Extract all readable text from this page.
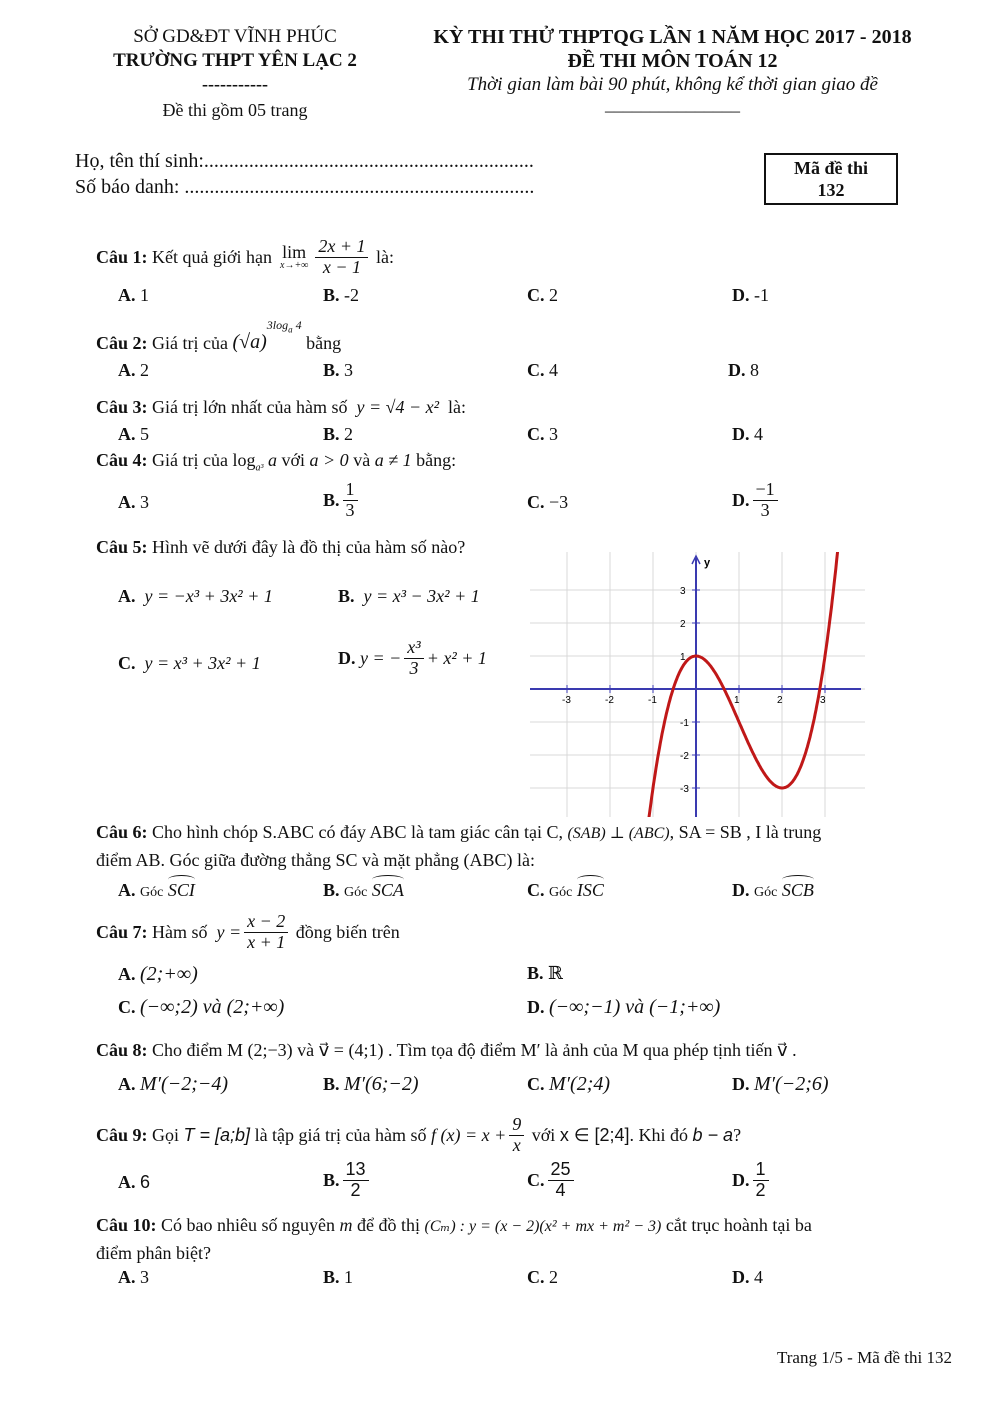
SỞ GD&ĐT VĨNH PHÚC
TRƯỜNG THPT YÊN LẠC 2
-----------
Đề thi gồm 05 trang
KỲ THI THỬ THPTQG LẦN 1 NĂM HỌC 2017 - 2018
ĐỀ THI MÔN TOÁN 12
Thời gian làm bài 90 phút, không kể thời gian giao đề
_______________
Họ, tên thí sinh:..................................................................
Số báo danh: ......................................................................
Mã đề thi
132
Câu 1:
Kết quả giới hạn lim
$x\to+\infty \frac{2x + 1}{x - 1}$
là:
A. 1	B. -2	C. 2	D. -1
Câu 2:
Giá trị của
(√a)
$3\log_a$ 4

bằng
A. 2	B. 3	C. 4	D. 8
Câu 3: Giá trị lớn nhất của hàm số y = √4 − x² là:
A. 5	B. 2	C. 3	D. 4
Câu 4: Giá trị của $\log_{a^3} a$ với a > 0 và a ≠ 1 bằng:
A. 3	B. $\frac{1}{3}$	C. −3	D. $\frac{-1}{3}$
Câu 5: Hình vẽ dưới đây là đồ thị của hàm số nào?
A. y = −x³ + 3x² + 1	B. y = x³ − 3x² + 1
C. y = x³ + 3x² + 1	D.
y = − $\frac{\text{x³}}{3} + x^2 + 1$
y
-3	-2	-1	1	2	3
3
2
1
-1
-2
-3
Câu 6: Cho hình chóp S.ABC có đáy ABC là tam giác cân tại C, (SAB) ⊥ (ABC), SA = SB , I là trung
điểm AB. Góc giữa đường thẳng SC và mặt phẳng (ABC) là:
A. Góc SCI	B. Góc SCA	C. Góc ISC	D. Góc SCB
Câu 7:
Hàm số
$y = \frac{x - 2}{x + 1}$
đồng biến trên
A. (2;+∞)	B. ℝ
C. (−∞;2) và (2;+∞)	D. (−∞;−1) và (−1;+∞)
Câu 8: Cho điểm M (2;−3) và v⃗ = (4;1) . Tìm tọa độ điểm M′ là ảnh của M qua phép tịnh tiến v⃗ .
A. M′(−2;−4)	B. M′(6;−2)	C. M′(2;4)	D. M′(−2;6)
Câu 9:
Gọi
T = [a;b]
là tập giá trị của hàm số
f $(x) = x + \frac{9}{x}$
với
x ∈ [2;4] . Khi đó
b − a ?
A. 6	B. $\frac{13}{2}$	C. $\frac{25}{4}$	D. $\frac{1}{2}$
Câu 10: Có bao nhiêu số nguyên m để đồ thị (Cₘ) : y = (x − 2)(x² + mx + m² − 3) cắt trục hoành tại ba
điểm phân biệt?
A. 3	B. 1	C. 2	D. 4
Trang 1/5 - Mã đề thi 132
